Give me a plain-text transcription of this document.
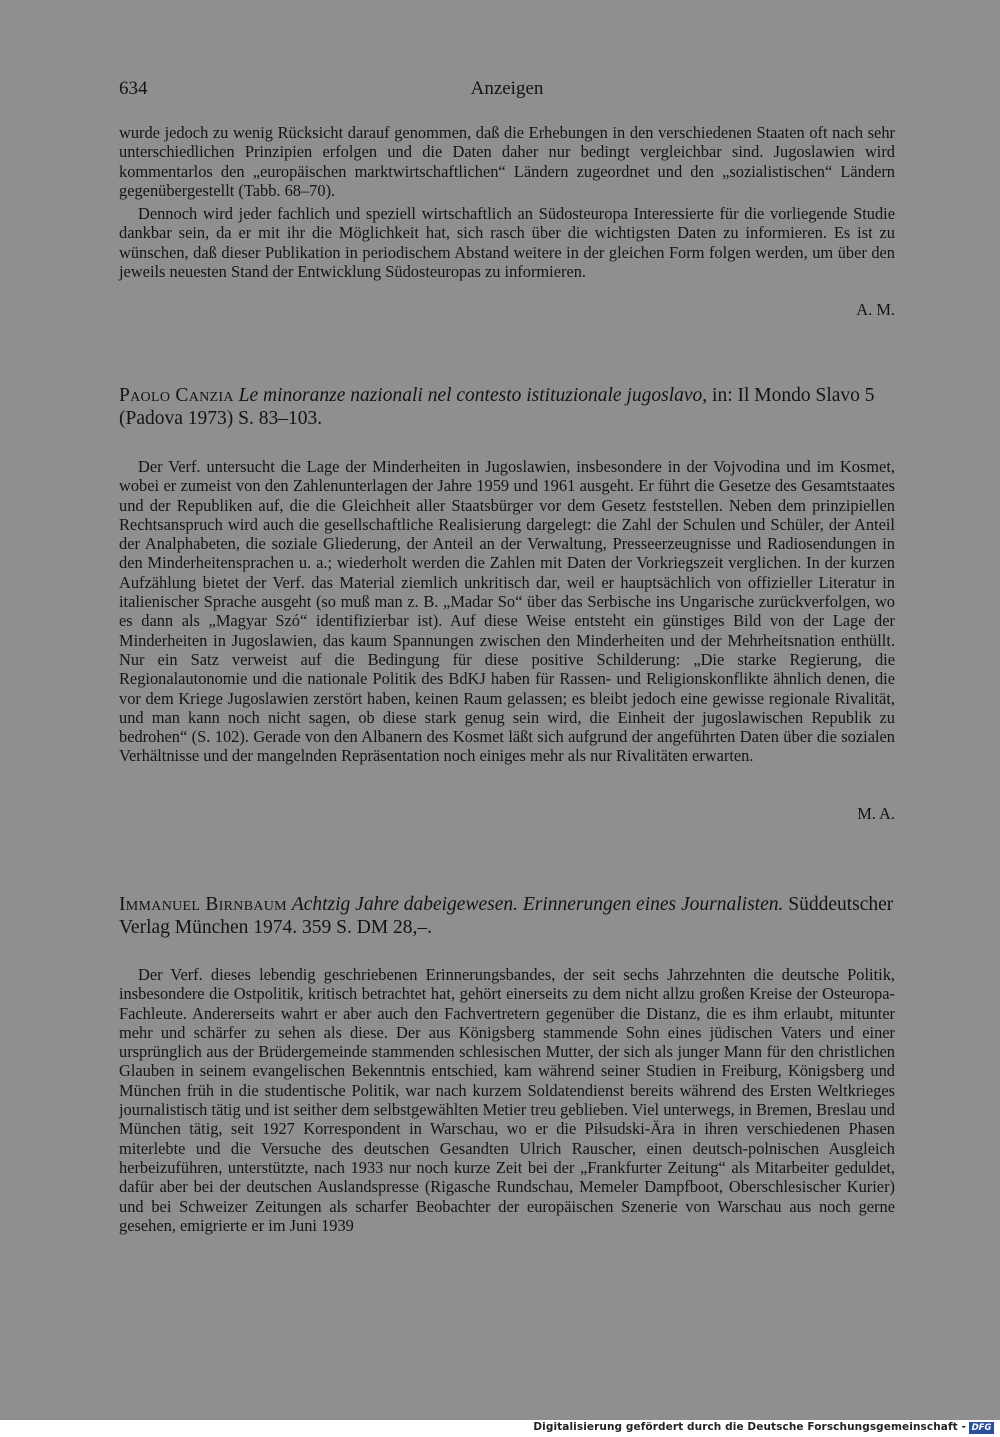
634	Anzeigen

wurde jedoch zu wenig Rücksicht darauf genommen, daß die Erhebungen in den verschiedenen Staaten oft nach sehr unterschiedlichen Prinzipien erfolgen und die Daten daher nur bedingt vergleichbar sind. Jugoslawien wird kommentarlos den „europäischen marktwirtschaftlichen“ Ländern zugeordnet und den „sozialistischen“ Ländern gegenübergestellt (Tabb. 68–70).

Dennoch wird jeder fachlich und speziell wirtschaftlich an Südosteuropa Interessierte für die vorliegende Studie dankbar sein, da er mit ihr die Möglichkeit hat, sich rasch über die wichtigsten Daten zu informieren. Es ist zu wünschen, daß dieser Publikation in periodischem Abstand weitere in der gleichen Form folgen werden, um über den jeweils neuesten Stand der Entwicklung Südosteuropas zu informieren.

A. M.

Paolo Canzia Le minoranze nazionali nel contesto istituzionale jugoslavo, in: Il Mondo Slavo 5 (Padova 1973) S. 83–103.

Der Verf. untersucht die Lage der Minderheiten in Jugoslawien, insbesondere in der Vojvodina und im Kosmet, wobei er zumeist von den Zahlenunterlagen der Jahre 1959 und 1961 ausgeht. Er führt die Gesetze des Gesamtstaates und der Republiken auf, die die Gleichheit aller Staatsbürger vor dem Gesetz feststellen. Neben dem prinzipiellen Rechtsanspruch wird auch die gesellschaftliche Realisierung dargelegt: die Zahl der Schulen und Schüler, der Anteil der Analphabeten, die soziale Gliederung, der Anteil an der Verwaltung, Presseerzeugnisse und Radiosendungen in den Minderheitensprachen u. a.; wiederholt werden die Zahlen mit Daten der Vorkriegszeit verglichen. In der kurzen Aufzählung bietet der Verf. das Material ziemlich unkritisch dar, weil er hauptsächlich von offizieller Literatur in italienischer Sprache ausgeht (so muß man z. B. „Madar So“ über das Serbische ins Ungarische zurückverfolgen, wo es dann als „Magyar Szó“ identifizierbar ist). Auf diese Weise entsteht ein günstiges Bild von der Lage der Minderheiten in Jugoslawien, das kaum Spannungen zwischen den Minderheiten und der Mehrheitsnation enthüllt. Nur ein Satz verweist auf die Bedingung für diese positive Schilderung: „Die starke Regierung, die Regionalautonomie und die nationale Politik des BdKJ haben für Rassen- und Religionskonflikte ähnlich denen, die vor dem Kriege Jugoslawien zerstört haben, keinen Raum gelassen; es bleibt jedoch eine gewisse regionale Rivalität, und man kann noch nicht sagen, ob diese stark genug sein wird, die Einheit der jugoslawischen Republik zu bedrohen“ (S. 102). Gerade von den Albanern des Kosmet läßt sich aufgrund der angeführten Daten über die sozialen Verhältnisse und der mangelnden Repräsentation noch einiges mehr als nur Rivalitäten erwarten.

M. A.

Immanuel Birnbaum Achtzig Jahre dabeigewesen. Erinnerungen eines Journalisten. Süddeutscher Verlag München 1974. 359 S. DM 28,–.

Der Verf. dieses lebendig geschriebenen Erinnerungsbandes, der seit sechs Jahrzehnten die deutsche Politik, insbesondere die Ostpolitik, kritisch betrachtet hat, gehört einerseits zu dem nicht allzu großen Kreise der Osteuropa-Fachleute. Andererseits wahrt er aber auch den Fachvertretern gegenüber die Distanz, die es ihm erlaubt, mitunter mehr und schärfer zu sehen als diese. Der aus Königsberg stammende Sohn eines jüdischen Vaters und einer ursprünglich aus der Brüdergemeinde stammenden schlesischen Mutter, der sich als junger Mann für den christlichen Glauben in seinem evangelischen Bekenntnis entschied, kam während seiner Studien in Freiburg, Königsberg und München früh in die studentische Politik, war nach kurzem Soldatendienst bereits während des Ersten Weltkrieges journalistisch tätig und ist seither dem selbstgewählten Metier treu geblieben. Viel unterwegs, in Bremen, Breslau und München tätig, seit 1927 Korrespondent in Warschau, wo er die Piłsudski-Ära in ihren verschiedenen Phasen miterlebte und die Versuche des deutschen Gesandten Ulrich Rauscher, einen deutsch-polnischen Ausgleich herbeizuführen, unterstützte, nach 1933 nur noch kurze Zeit bei der „Frankfurter Zeitung“ als Mitarbeiter geduldet, dafür aber bei der deutschen Auslandspresse (Rigasche Rundschau, Memeler Dampfboot, Oberschlesischer Kurier) und bei Schweizer Zeitungen als scharfer Beobachter der europäischen Szenerie von Warschau aus noch gerne gesehen, emigrierte er im Juni 1939

Digitalisierung gefördert durch die Deutsche Forschungsgemeinschaft - DFG
